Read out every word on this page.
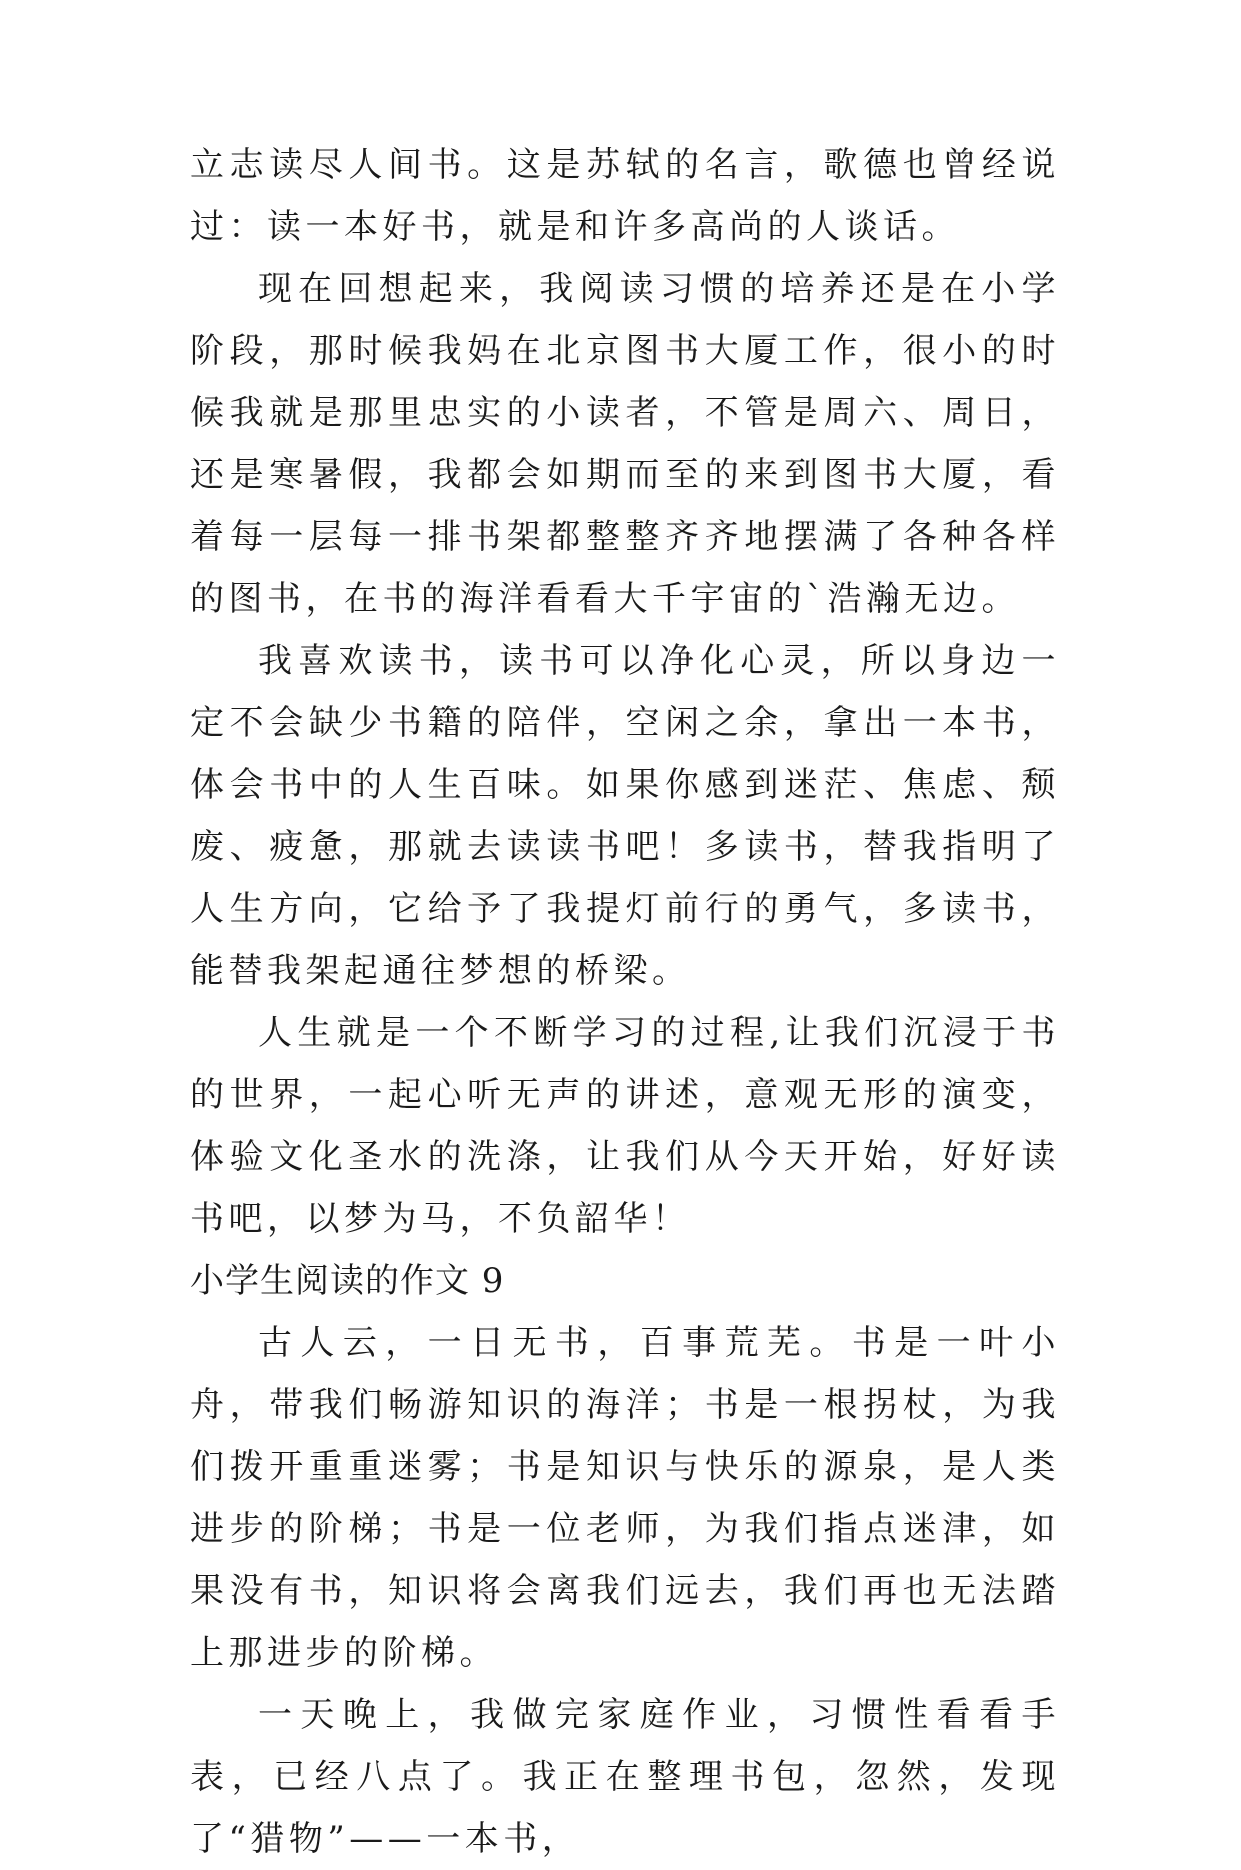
立志读尽人间书。这是苏轼的名言，歌德也曾经说过：读一本好书，就是和许多高尚的人谈话。

现在回想起来，我阅读习惯的培养还是在小学阶段，那时候我妈在北京图书大厦工作，很小的时候我就是那里忠实的小读者，不管是周六、周日，还是寒暑假，我都会如期而至的来到图书大厦，看着每一层每一排书架都整整齐齐地摆满了各种各样的图书，在书的海洋看看大千宇宙的`浩瀚无边。

我喜欢读书，读书可以净化心灵，所以身边一定不会缺少书籍的陪伴，空闲之余，拿出一本书，体会书中的人生百味。如果你感到迷茫、焦虑、颓废、疲惫，那就去读读书吧！多读书，替我指明了人生方向，它给予了我提灯前行的勇气，多读书，能替我架起通往梦想的桥梁。

人生就是一个不断学习的过程,让我们沉浸于书的世界，一起心听无声的讲述，意观无形的演变，体验文化圣水的洗涤，让我们从今天开始，好好读书吧，以梦为马，不负韶华！

小学生阅读的作文 9

古人云，一日无书，百事荒芜。书是一叶小舟，带我们畅游知识的海洋；书是一根拐杖，为我们拨开重重迷雾；书是知识与快乐的源泉，是人类进步的阶梯；书是一位老师，为我们指点迷津，如果没有书，知识将会离我们远去，我们再也无法踏上那进步的阶梯。

一天晚上，我做完家庭作业，习惯性看看手表，已经八点了。我正在整理书包，忽然，发现了“猎物”——一本书，
